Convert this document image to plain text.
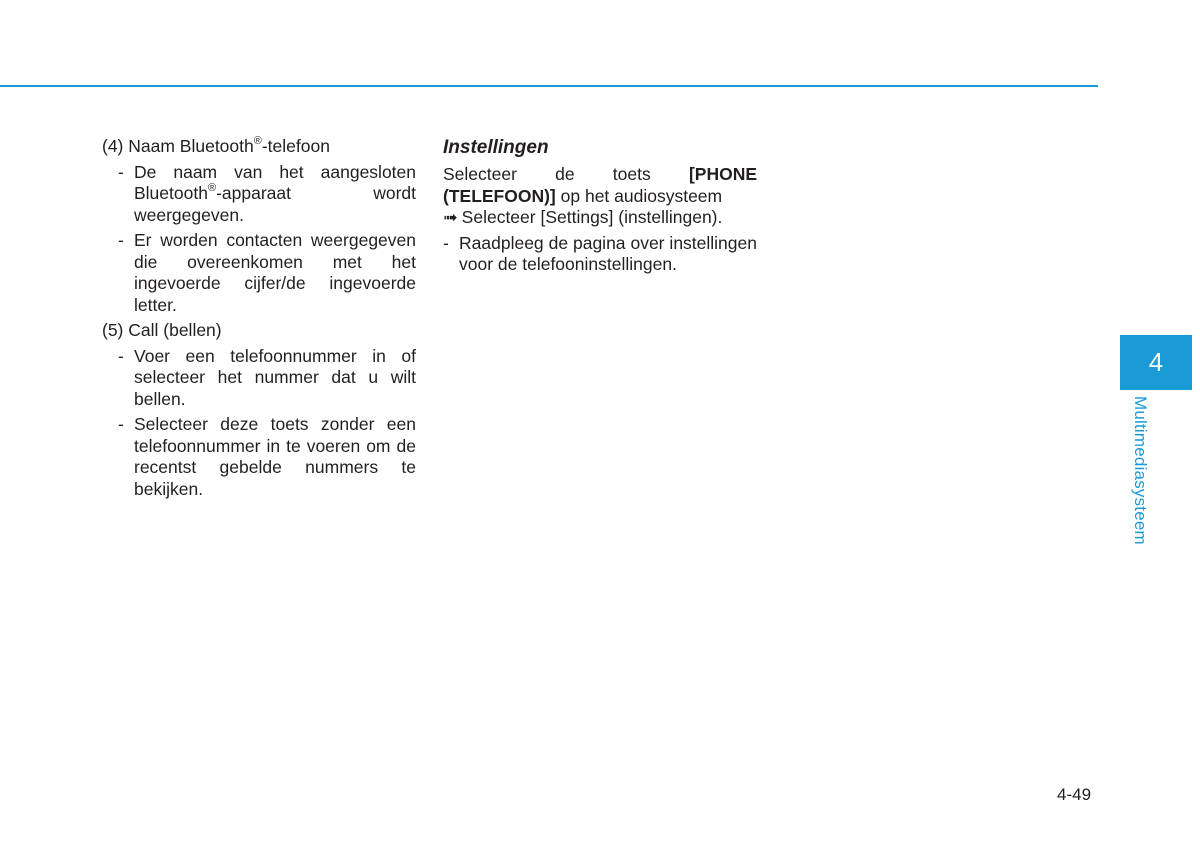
(4) Naam Bluetooth®-telefoon

- De naam van het aangesloten Bluetooth®-apparaat wordt weergegeven.
- Er worden contacten weergegeven die overeenkomen met het ingevoerde cijfer/de ingevoerde letter.

(5) Call (bellen)

- Voer een telefoonnummer in of selecteer het nummer dat u wilt bellen.
- Selecteer deze toets zonder een telefoonnummer in te voeren om de recentst gebelde nummers te bekijken.
Instellingen

Selecteer de toets [PHONE (TELEFOON)] op het audiosysteem
➟ Selecteer [Settings] (instellingen).

- Raadpleeg de pagina over instellingen voor de telefooninstellingen.
4
Multimediasysteem
4-49
